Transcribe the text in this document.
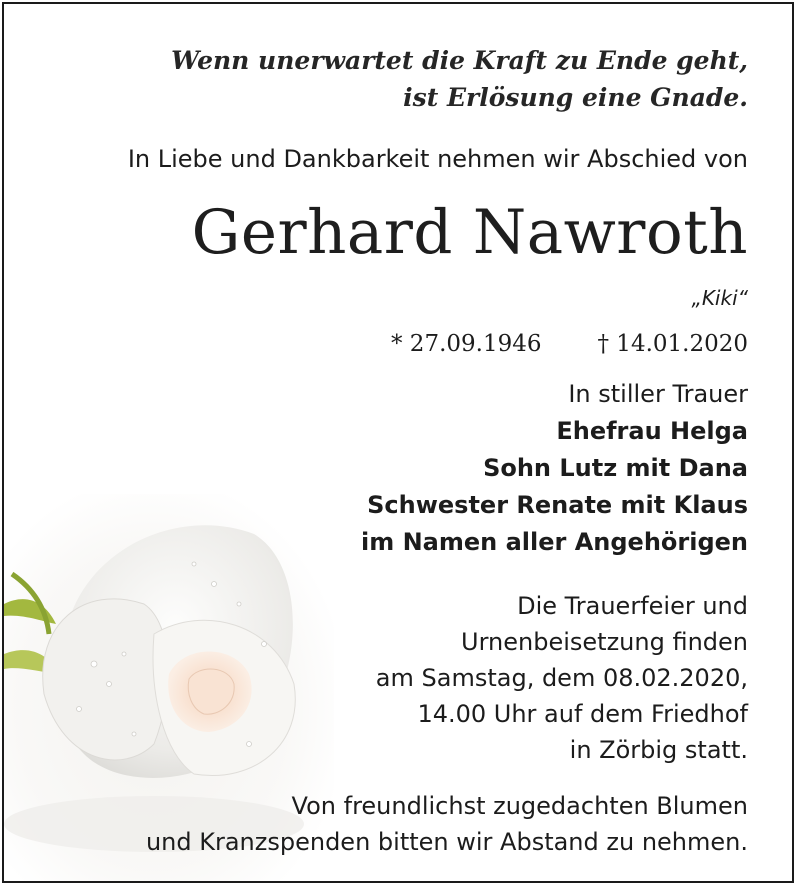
Wenn unerwartet die Kraft zu Ende geht,
ist Erlösung eine Gnade.
In Liebe und Dankbarkeit nehmen wir Abschied von
Gerhard Nawroth
„Kiki“
* 27.09.1946 † 14.01.2020
In stiller Trauer
Ehefrau Helga
Sohn Lutz mit Dana
Schwester Renate mit Klaus
im Namen aller Angehörigen
Die Trauerfeier und
Urnenbeisetzung finden
am Samstag, dem 08.02.2020,
14.00 Uhr auf dem Friedhof
in Zörbig statt.
Von freundlichst zugedachten Blumen
und Kranzspenden bitten wir Abstand zu nehmen.
